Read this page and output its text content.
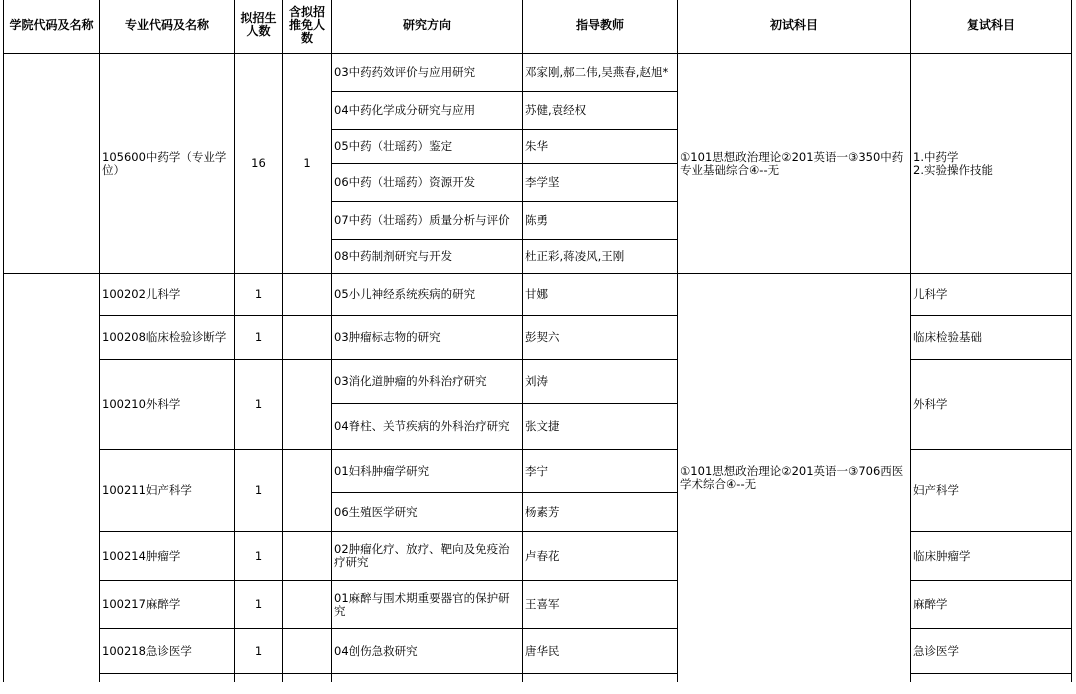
学院代码及名称	专业代码及名称	拟招生人数	含拟招推免人数	研究方向	指导教师	初试科目	复试科目
	105600中药学（专业学位）	16	1	03中药药效评价与应用研究	邓家刚,郝二伟,吴燕春,赵旭*	①101思想政治理论②201英语一③350中药专业基础综合④--无	1.中药学
2.实验操作技能
				04中药化学成分研究与应用	苏健,袁经权		
				05中药（壮瑶药）鉴定	朱华		
				06中药（壮瑶药）资源开发	李学坚		
				07中药（壮瑶药）质量分析与评价	陈勇		
				08中药制剂研究与开发	杜正彩,蒋凌风,王刚		
	100202儿科学	1		05小儿神经系统疾病的研究	甘娜	①101思想政治理论②201英语一③706西医学术综合④--无	儿科学
	100208临床检验诊断学	1		03肿瘤标志物的研究	彭契六		临床检验基础
	100210外科学	1		03消化道肿瘤的外科治疗研究	刘涛		外科学
				04脊柱、关节疾病的外科治疗研究	张文捷		
	100211妇产科学	1		01妇科肿瘤学研究	李宁		妇产科学
				06生殖医学研究	杨素芳		
	100214肿瘤学	1		02肿瘤化疗、放疗、靶向及免疫治疗研究	卢春花		临床肿瘤学
	100217麻醉学	1		01麻醉与围术期重要器官的保护研究	王喜军		麻醉学
	100218急诊医学	1		04创伤急救研究	唐华民		急诊医学
